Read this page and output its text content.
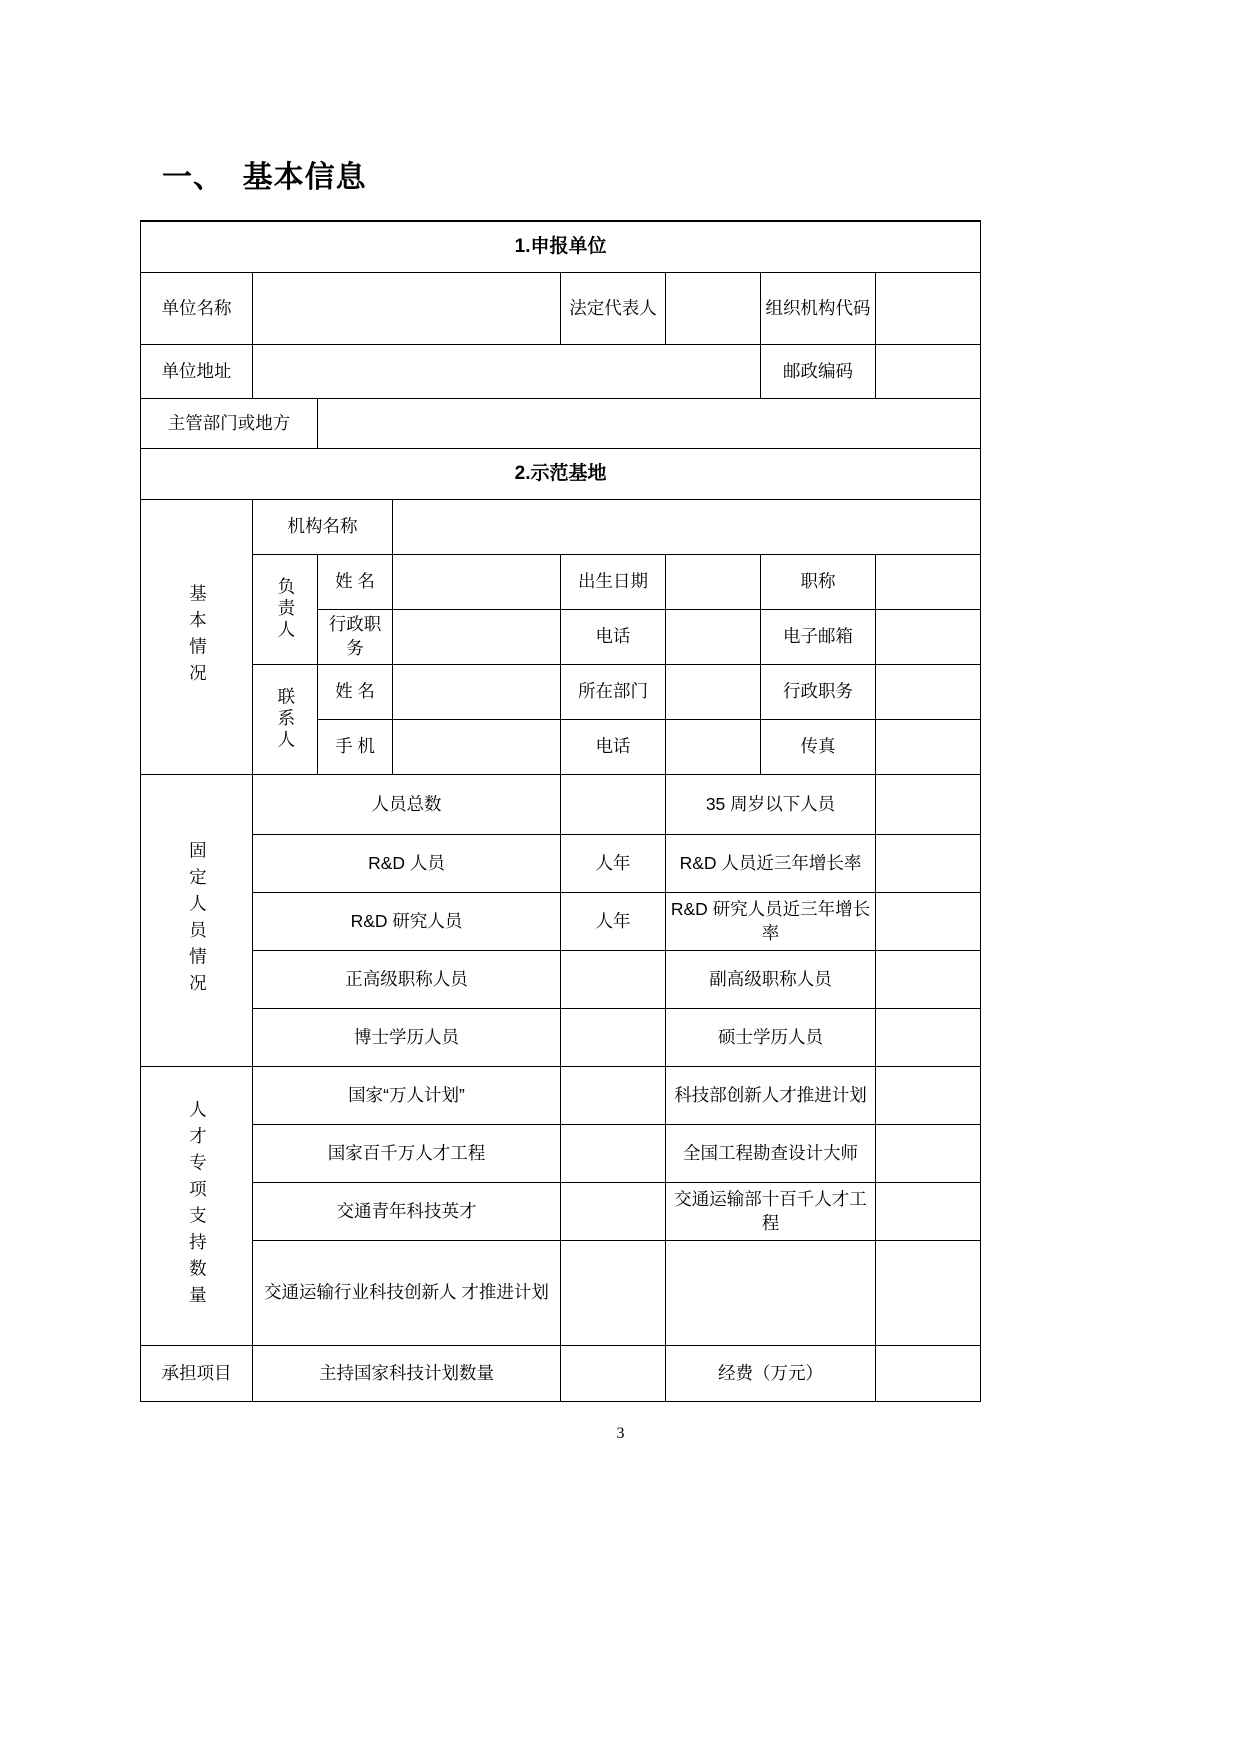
一、  基本信息
1.申报单位							
单位名称				法定代表人		组织机构代码	
单位地址						邮政编码	
主管部门或地方							
2.示范基地							
基本情况	机构名称						
	负责人	姓 名		出生日期		职称	
		行政职务		电话		电子邮箱	
	联系人	姓 名		所在部门		行政职务	
		手 机		电话		传真	
固定人员情况	人员总数				35 周岁以下人员		
	R&D 人员			人年	R&D 人员近三年增长率		
	R&D 研究人员			人年	R&D 研究人员近三年增长率		
	正高级职称人员				副高级职称人员		
	博士学历人员				硕士学历人员		
人才专项支持数量	国家“万人计划”				科技部创新人才推进计划		
	国家百千万人才工程				全国工程勘查设计大师		
	交通青年科技英才				交通运输部十百千人才工程		
	交通运输行业科技创新人 才推进计划						
承担项目	主持国家科技计划数量				经费（万元）		
3
